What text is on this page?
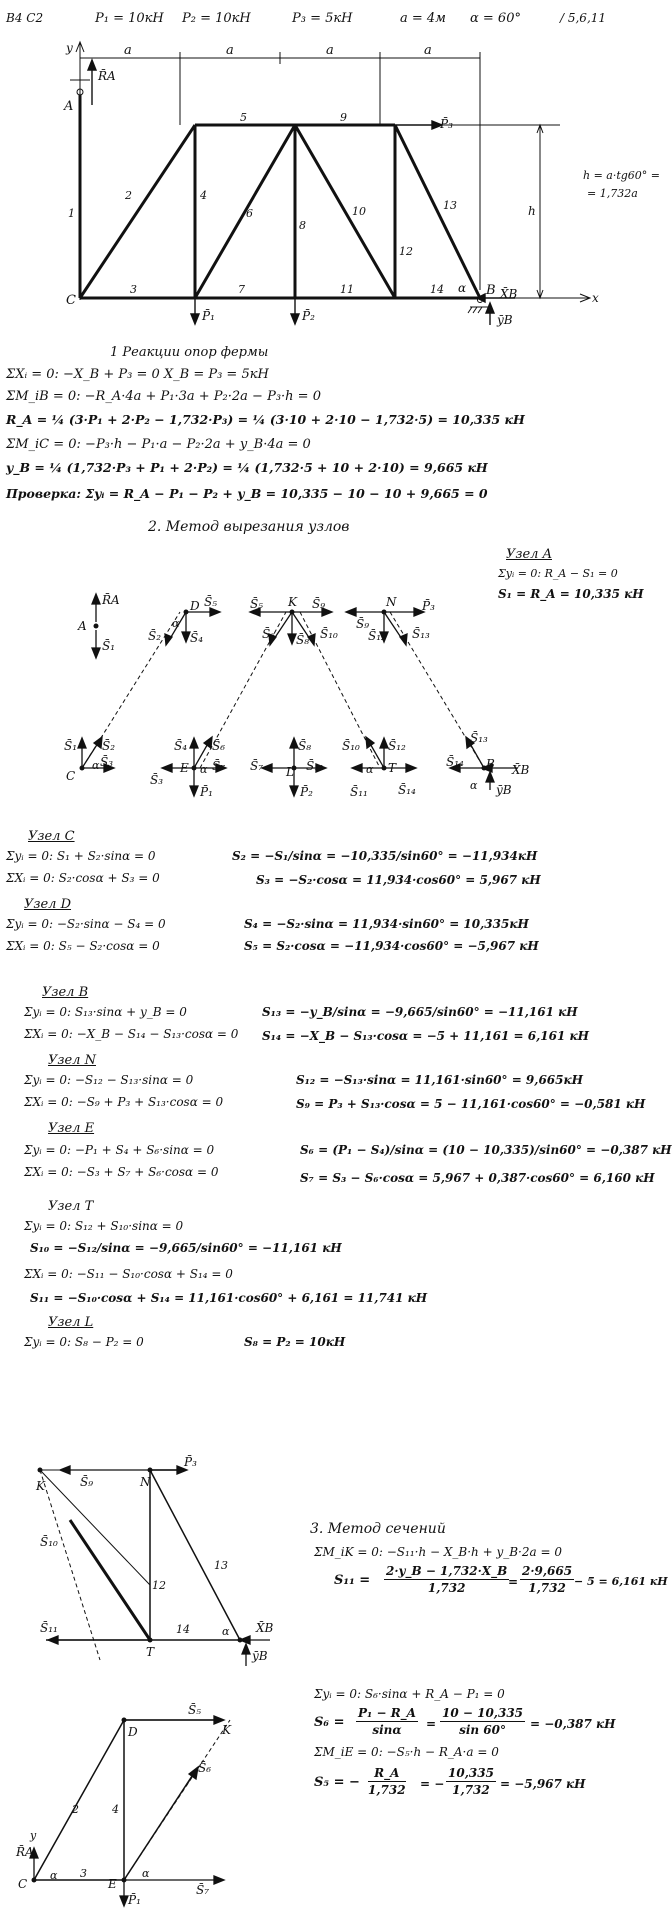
B4 C2	P₁ = 10кН P₂ = 10кН	P₃ = 5кН	a = 4м α = 60°	/ 5,6,11
y	a	a	a	a
R̄A
A
P̄₃
h = a·tg60° =
= 1,732a
h
1
2
3
4
5
6
7
8
9
10
11
12
13
14 α
C
B X̄B	x
P̄₁	P̄₂	ȳB
1 Реакции опор фермы
ΣXᵢ = 0: −X_B + P₃ = 0 X_B = P₃ = 5кН
ΣM_iB = 0: −R_A·4a + P₁·3a + P₂·2a − P₃·h = 0
R_A = ¼ (3·P₁ + 2·P₂ − 1,732·P₃) = ¼ (3·10 + 2·10 − 1,732·5) = 10,335 кН
ΣM_iC = 0: −P₃·h − P₁·a − P₂·2a + y_B·4a = 0
y_B = ¼ (1,732·P₃ + P₁ + 2·P₂) = ¼ (1,732·5 + 10 + 2·10) = 9,665 кН
Проверка: Σyᵢ = R_A − P₁ − P₂ + y_B = 10,335 − 10 − 10 + 9,665 = 0
2. Метод вырезания узлов
Узел A
Σyᵢ = 0: R_A − S₁ = 0
S₁ = R_A = 10,335 кН
R̄A
A
S̄₁
D
α
S̄₅
S̄₂ S̄₄
S̄₅ K S̄₉
S̄₆ S̄₈ S̄₁₀
N
S̄₉
P̄₃
S̄₁₂ S̄₁₃
S̄₁ S̄₂
α S̄₃
C	S̄₃
S̄₄ S̄₆
E α S̄₇
P̄₁
S̄₇
S̄₈
L S̄₁₁
P̄₂
S̄₁₀ S̄₁₂
α T
S̄₁₁	S̄₁₄
S̄₁₃
S̄₁₄ B X̄B
α ȳB
Узел C
Σyᵢ = 0: S₁ + S₂·sinα = 0
ΣXᵢ = 0: S₂·cosα + S₃ = 0
S₂ = −S₁/sinα = −10,335/sin60° = −11,934кН
S₃ = −S₂·cosα = 11,934·cos60° = 5,967 кН
Узел D
Σyᵢ = 0: −S₂·sinα − S₄ = 0
ΣXᵢ = 0: S₅ − S₂·cosα = 0
S₄ = −S₂·sinα = 11,934·sin60° = 10,335кН
S₅ = S₂·cosα = −11,934·cos60° = −5,967 кН
Узел B
Σyᵢ = 0: S₁₃·sinα + y_B = 0
ΣXᵢ = 0: −X_B − S₁₄ − S₁₃·cosα = 0
S₁₃ = −y_B/sinα = −9,665/sin60° = −11,161 кН
S₁₄ = −X_B − S₁₃·cosα = −5 + 11,161 = 6,161 кН
Узел N
Σyᵢ = 0: −S₁₂ − S₁₃·sinα = 0
ΣXᵢ = 0: −S₉ + P₃ + S₁₃·cosα = 0
S₁₂ = −S₁₃·sinα = 11,161·sin60° = 9,665кН
S₉ = P₃ + S₁₃·cosα = 5 − 11,161·cos60° = −0,581 кН
Узел E
Σyᵢ = 0: −P₁ + S₄ + S₆·sinα = 0
ΣXᵢ = 0: −S₃ + S₇ + S₆·cosα = 0
S₆ = (P₁ − S₄)/sinα = (10 − 10,335)/sin60° = −0,387 кН
S₇ = S₃ − S₆·cosα = 5,967 + 0,387·cos60° = 6,160 кН
Узел T
Σyᵢ = 0: S₁₂ + S₁₀·sinα = 0
S₁₀ = −S₁₂/sinα = −9,665/sin60° = −11,161 кН
ΣXᵢ = 0: −S₁₁ − S₁₀·cosα + S₁₄ = 0
S₁₁ = −S₁₀·cosα + S₁₄ = 11,161·cos60° + 6,161 = 11,741 кН
Узел L
Σyᵢ = 0: S₈ − P₂ = 0	S₈ = P₂ = 10кН
K	S̄₉	N
P̄₃
S̄₁₀
12
13
S̄₁₁	14	α X̄B
T	ȳB
3. Метод сечений
ΣM_iK = 0: −S₁₁·h − X_B·h + y_B·2a = 0
$S_{11} = \frac{2\cdot y\_B - 1,732\cdot X\_B}{1,732}$
= $\frac{2\cdot 9,665}{1,732} - 5 = 6,161$ кН
S̄₅
D	K
S̄₆
2	4
y
R̄A
α	α
C
3
E	S̄₇
P̄₁
Σyᵢ = 0: S₆·sinα + R_A − P₁ = 0
$S_6 = \frac{\text{P₁ − R\_A}}{\sin\alpha} = \frac{10 - 10,335}{\sin 60^\circ} = -0,387$ кН
ΣM_iE = 0: −S₅·h − R_A·a = 0
S₅ = − $\frac{R\_A}{1,732}$ = − $\frac{10,335}{1,732} = -5,967$ кН
